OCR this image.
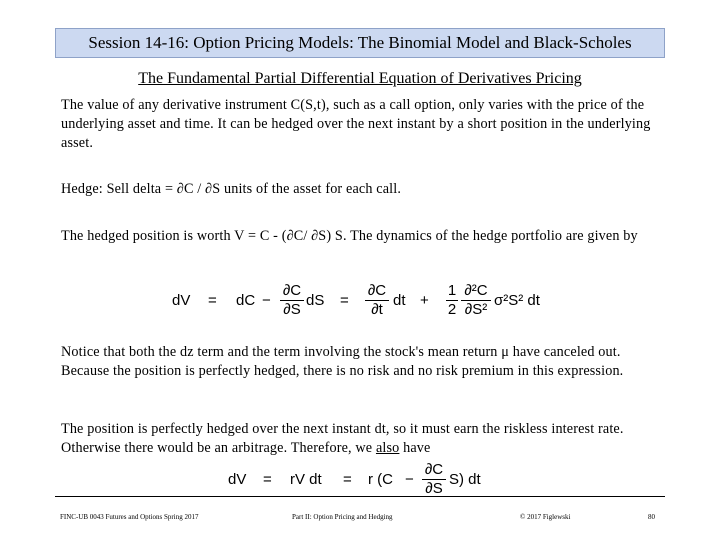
Session 14-16: Option Pricing Models: The Binomial Model and Black-Scholes
The Fundamental Partial Differential Equation of Derivatives Pricing

The value of any derivative instrument C(S,t), such as a call option, only varies with the price of the underlying asset and time. It can be hedged over the next instant by a short position in the underlying asset.

Hedge: Sell delta = ∂C / ∂S units of the asset for each call.

The hedged position is worth V = C - (∂C/ ∂S) S. The dynamics of the hedge portfolio are given by

dV = dC −
∂C
∂S
dS =
∂C
∂t
dt +
1
2
∂²C
∂S²
σ²S² dt

Notice that both the dz term and the term involving the stock's mean return μ have canceled out. Because the position is perfectly hedged, there is no risk and no risk premium in this expression.

The position is perfectly hedged over the next instant dt, so it must earn the riskless interest rate. Otherwise there would be an arbitrage. Therefore, we also have

dV = rV dt = r (C −
∂C
∂S
S) dt
FINC-UB 0043 Futures and Options Spring 2017	Part II: Option Pricing and Hedging	© 2017 Figlewski	80
